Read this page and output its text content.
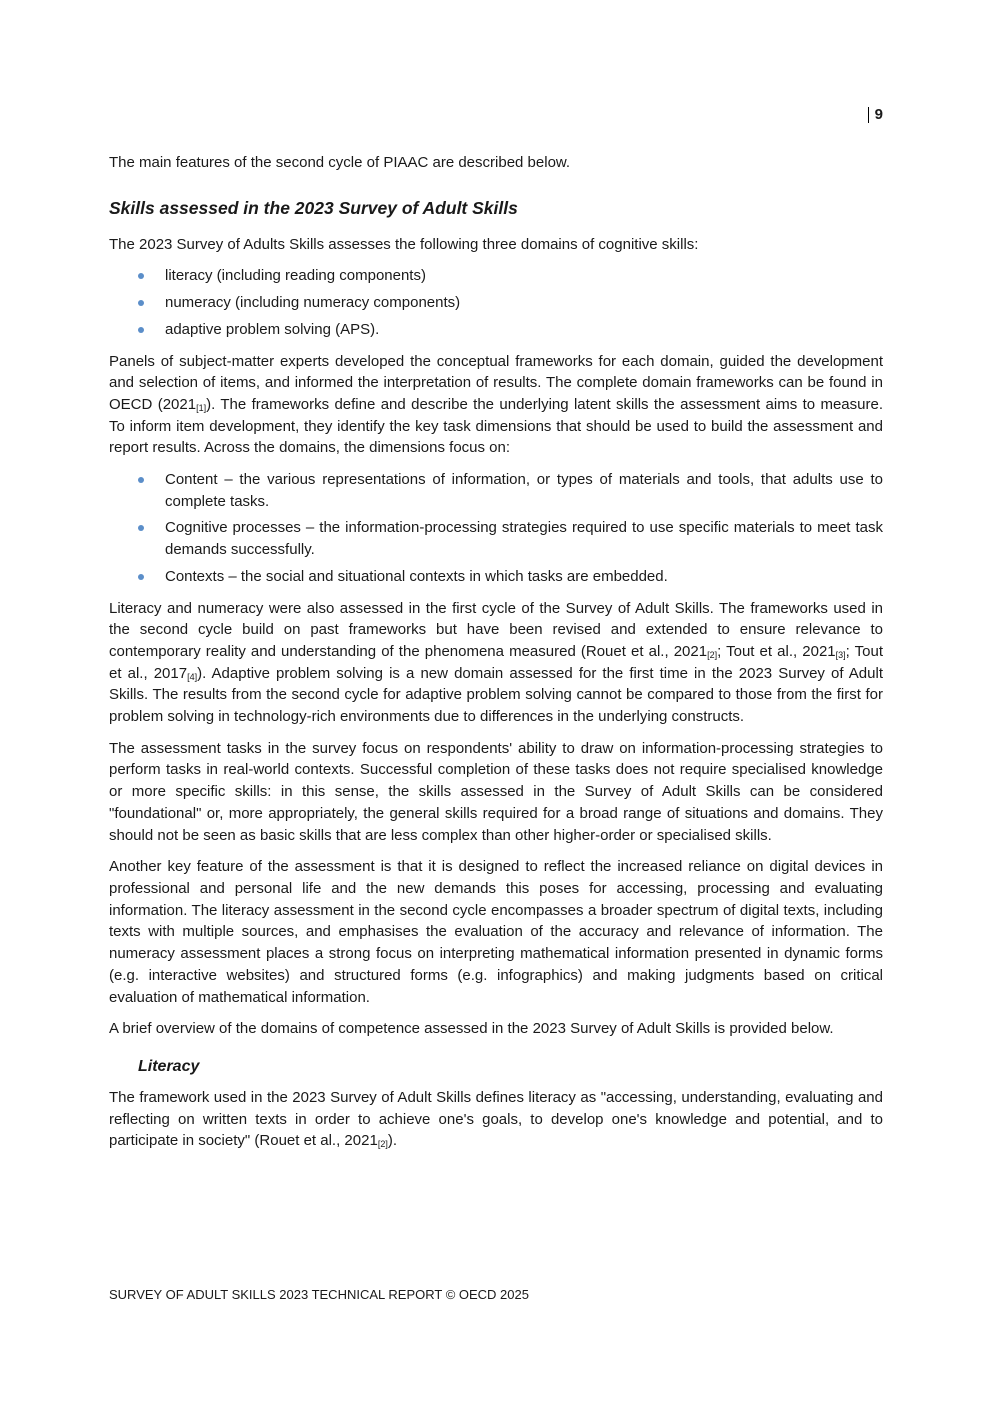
9

The main features of the second cycle of PIAAC are described below.

Skills assessed in the 2023 Survey of Adult Skills

The 2023 Survey of Adults Skills assesses the following three domains of cognitive skills:

literacy (including reading components)
numeracy (including numeracy components)
adaptive problem solving (APS).

Panels of subject-matter experts developed the conceptual frameworks for each domain, guided the development and selection of items, and informed the interpretation of results. The complete domain frameworks can be found in OECD $(2021_{[1]})$. The frameworks define and describe the underlying latent skills the assessment aims to measure. To inform item development, they identify the key task dimensions that should be used to build the assessment and report results. Across the domains, the dimensions focus on:

Content – the various representations of information, or types of materials and tools, that adults use to complete tasks.
Cognitive processes – the information-processing strategies required to use specific materials to meet task demands successfully.
Contexts – the social and situational contexts in which tasks are embedded.

Literacy and numeracy were also assessed in the first cycle of the Survey of Adult Skills. The frameworks used in the second cycle build on past frameworks but have been revised and extended to ensure relevance to contemporary reality and understanding of the phenomena measured (Rouet et al., $2021_{[2]}$; Tout et al., $2021_{[3]}$; Tout et al., $2017_{[4]}$). Adaptive problem solving is a new domain assessed for the first time in the 2023 Survey of Adult Skills. The results from the second cycle for adaptive problem solving cannot be compared to those from the first for problem solving in technology-rich environments due to differences in the underlying constructs.

The assessment tasks in the survey focus on respondents' ability to draw on information-processing strategies to perform tasks in real-world contexts. Successful completion of these tasks does not require specialised knowledge or more specific skills: in this sense, the skills assessed in the Survey of Adult Skills can be considered "foundational" or, more appropriately, the general skills required for a broad range of situations and domains. They should not be seen as basic skills that are less complex than other higher-order or specialised skills.

Another key feature of the assessment is that it is designed to reflect the increased reliance on digital devices in professional and personal life and the new demands this poses for accessing, processing and evaluating information. The literacy assessment in the second cycle encompasses a broader spectrum of digital texts, including texts with multiple sources, and emphasises the evaluation of the accuracy and relevance of information. The numeracy assessment places a strong focus on interpreting mathematical information presented in dynamic forms (e.g. interactive websites) and structured forms (e.g. infographics) and making judgments based on critical evaluation of mathematical information.

A brief overview of the domains of competence assessed in the 2023 Survey of Adult Skills is provided below.

Literacy

The framework used in the 2023 Survey of Adult Skills defines literacy as "accessing, understanding, evaluating and reflecting on written texts in order to achieve one's goals, to develop one's knowledge and potential, and to participate in society" (Rouet et al., $2021_{[2]}$).

SURVEY OF ADULT SKILLS 2023 TECHNICAL REPORT © OECD 2025
